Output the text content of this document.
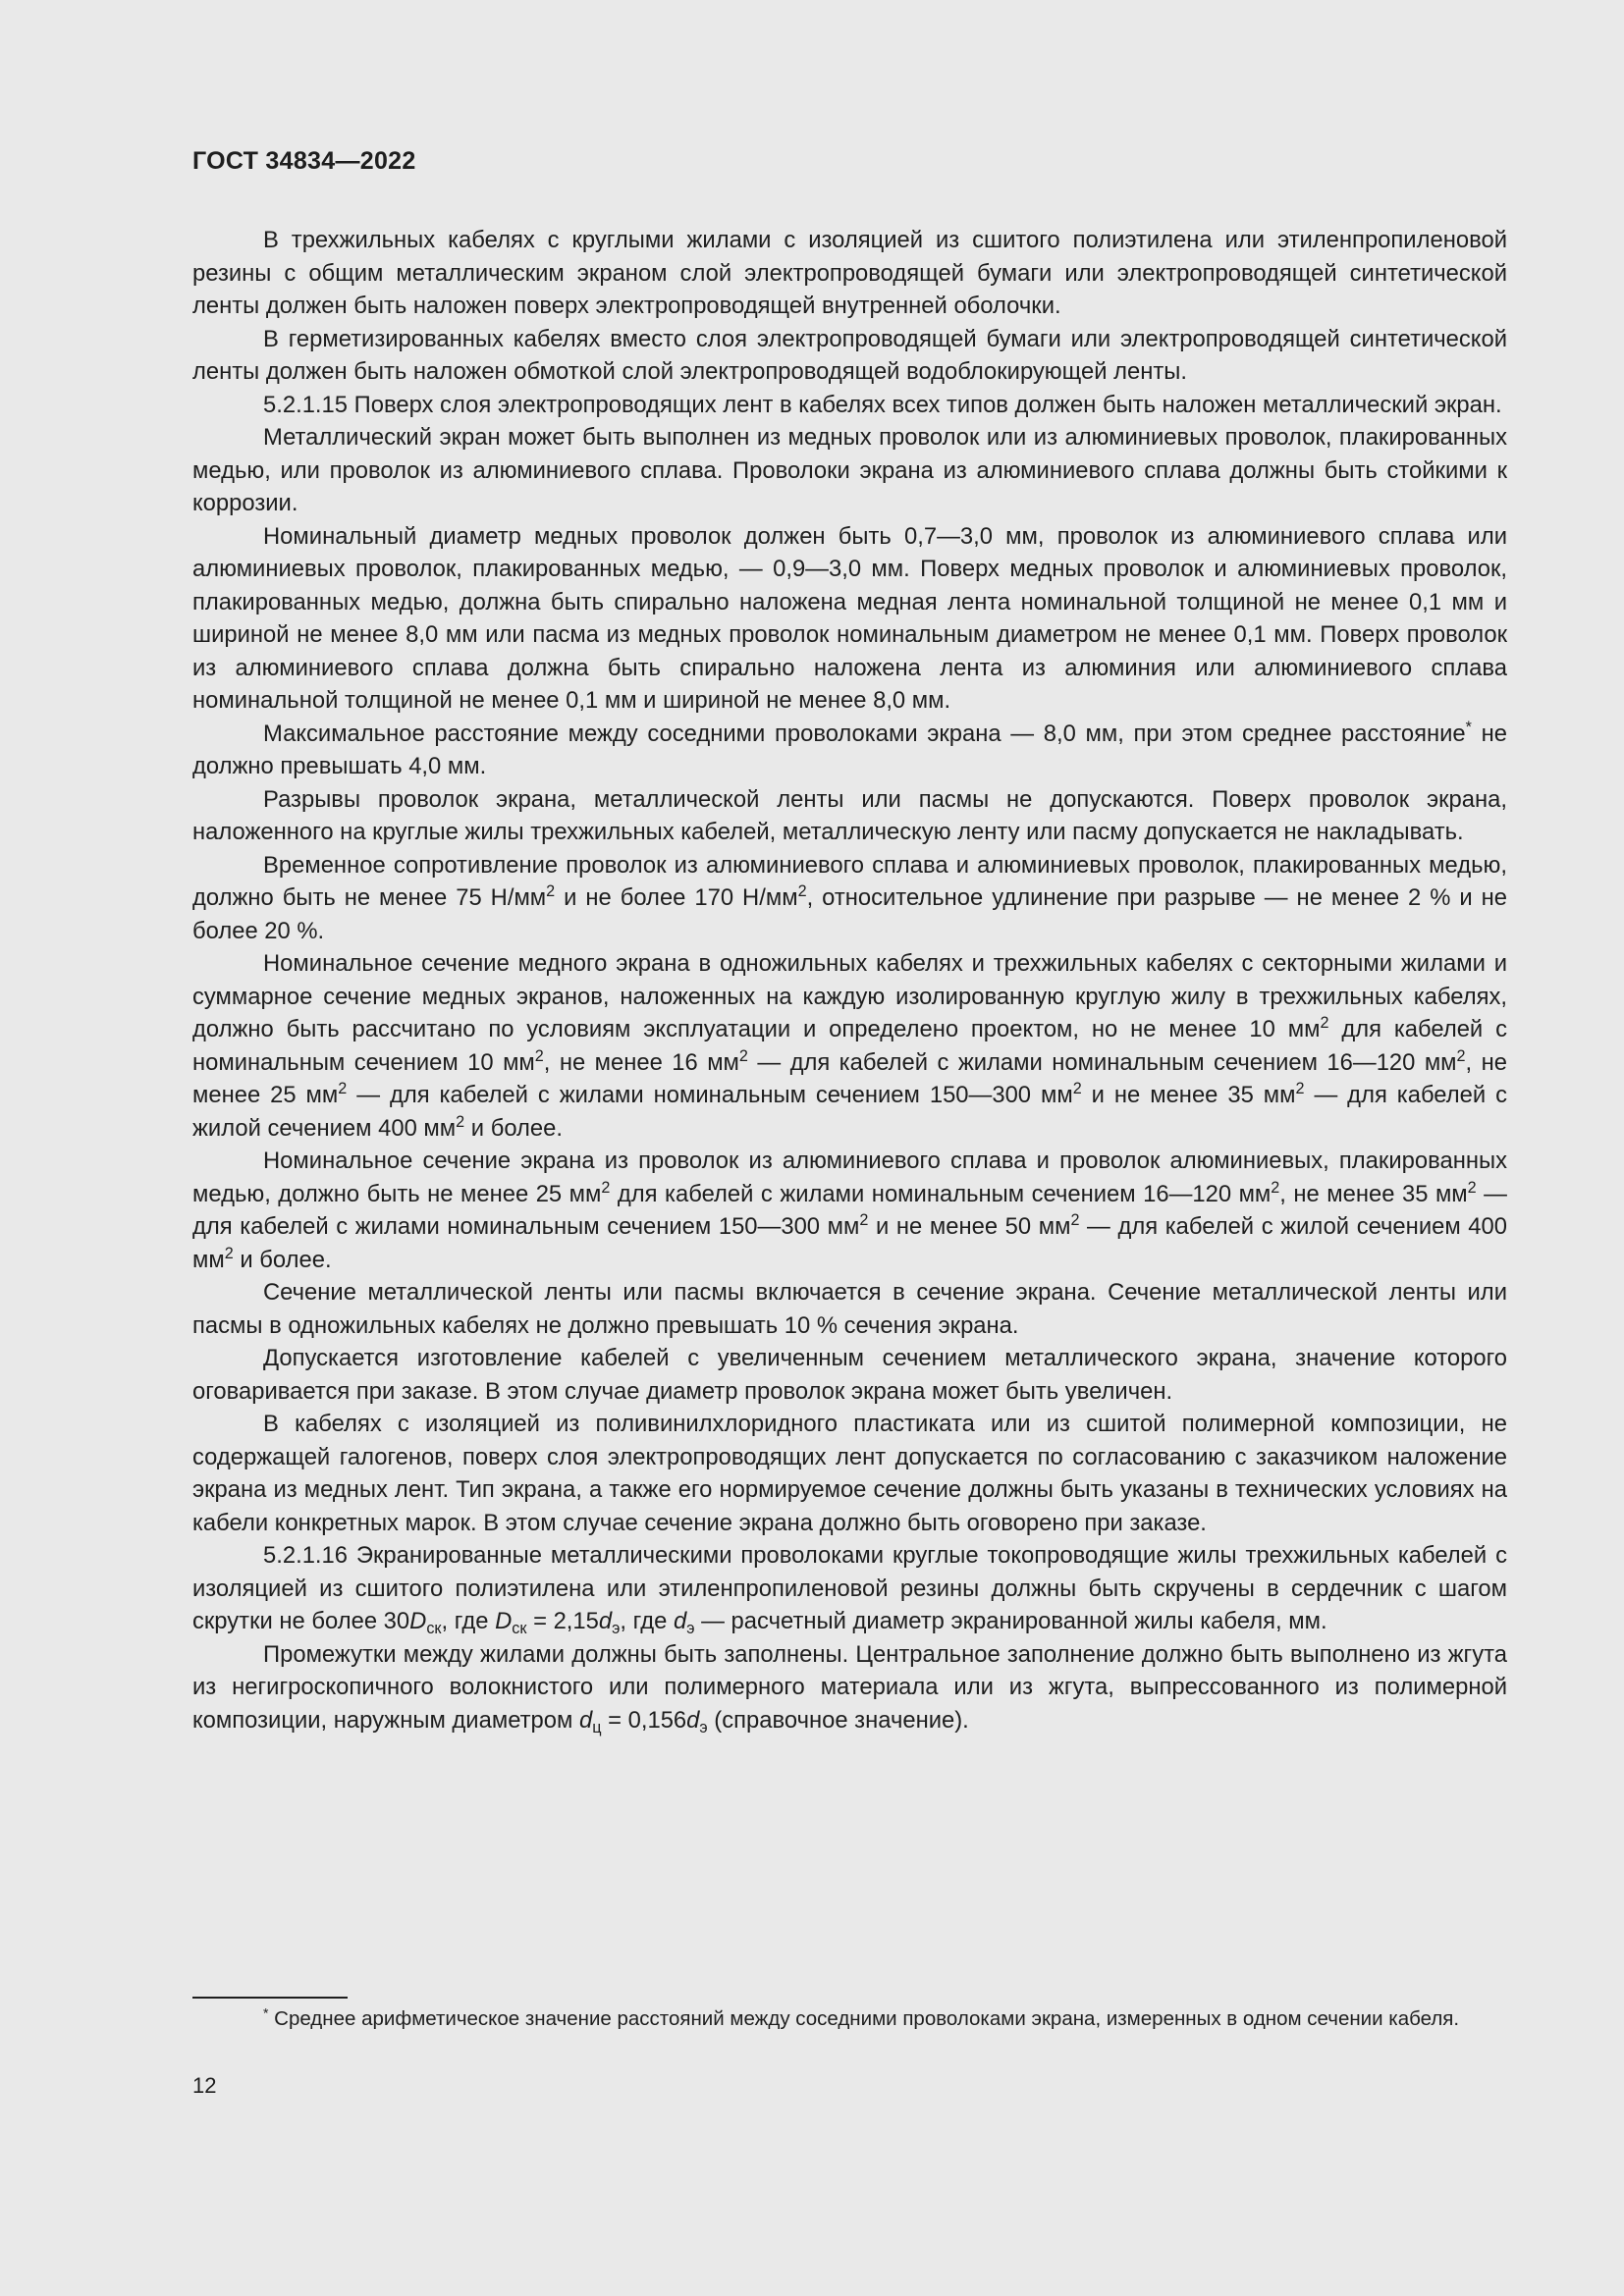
ГОСТ 34834—2022

В трехжильных кабелях с круглыми жилами с изоляцией из сшитого полиэтилена или этиленпропиленовой резины с общим металлическим экраном слой электропроводящей бумаги или электропроводящей синтетической ленты должен быть наложен поверх электропроводящей внутренней оболочки.

В герметизированных кабелях вместо слоя электропроводящей бумаги или электропроводящей синтетической ленты должен быть наложен обмоткой слой электропроводящей водоблокирующей ленты.

5.2.1.15 Поверх слоя электропроводящих лент в кабелях всех типов должен быть наложен металлический экран.

Металлический экран может быть выполнен из медных проволок или из алюминиевых проволок, плакированных медью, или проволок из алюминиевого сплава. Проволоки экрана из алюминиевого сплава должны быть стойкими к коррозии.

Номинальный диаметр медных проволок должен быть 0,7—3,0 мм, проволок из алюминиевого сплава или алюминиевых проволок, плакированных медью, — 0,9—3,0 мм. Поверх медных проволок и алюминиевых проволок, плакированных медью, должна быть спирально наложена медная лента номинальной толщиной не менее 0,1 мм и шириной не менее 8,0 мм или пасма из медных проволок номинальным диаметром не менее 0,1 мм. Поверх проволок из алюминиевого сплава должна быть спирально наложена лента из алюминия или алюминиевого сплава номинальной толщиной не менее 0,1 мм и шириной не менее 8,0 мм.

Максимальное расстояние между соседними проволоками экрана — 8,0 мм, при этом среднее расстояние* не должно превышать 4,0 мм.

Разрывы проволок экрана, металлической ленты или пасмы не допускаются. Поверх проволок экрана, наложенного на круглые жилы трехжильных кабелей, металлическую ленту или пасму допускается не накладывать.

Временное сопротивление проволок из алюминиевого сплава и алюминиевых проволок, плакированных медью, должно быть не менее 75 $Н/мм^2$ и не более 170 $Н/мм^2$, относительное удлинение при разрыве — не менее 2 % и не более 20 %.

Номинальное сечение медного экрана в одножильных кабелях и трехжильных кабелях с секторными жилами и суммарное сечение медных экранов, наложенных на каждую изолированную круглую жилу в трехжильных кабелях, должно быть рассчитано по условиям эксплуатации и определено проектом, но не менее 10 $мм^2$ для кабелей с номинальным сечением 10 $мм^2$, не менее 16 $мм^2$ — для кабелей с жилами номинальным сечением 16—120 $мм^2$, не менее 25 $мм^2$ — для кабелей с жилами номинальным сечением 150—300 $мм^2$ и не менее 35 $мм^2$ — для кабелей с жилой сечением 400 $мм^2$ и более.

Номинальное сечение экрана из проволок из алюминиевого сплава и проволок алюминиевых, плакированных медью, должно быть не менее 25 $мм^2$ для кабелей с жилами номинальным сечением 16—120 $мм^2$, не менее 35 $мм^2$ — для кабелей с жилами номинальным сечением 150—300 $мм^2$ и не менее 50 $мм^2$ — для кабелей с жилой сечением 400 $мм^2$ и более.

Сечение металлической ленты или пасмы включается в сечение экрана. Сечение металлической ленты или пасмы в одножильных кабелях не должно превышать 10 % сечения экрана.

Допускается изготовление кабелей с увеличенным сечением металлического экрана, значение которого оговаривается при заказе. В этом случае диаметр проволок экрана может быть увеличен.

В кабелях с изоляцией из поливинилхлоридного пластиката или из сшитой полимерной композиции, не содержащей галогенов, поверх слоя электропроводящих лент допускается по согласованию с заказчиком наложение экрана из медных лент. Тип экрана, а также его нормируемое сечение должны быть указаны в технических условиях на кабели конкретных марок. В этом случае сечение экрана должно быть оговорено при заказе.

5.2.1.16 Экранированные металлическими проволоками круглые токопроводящие жилы трехжильных кабелей с изоляцией из сшитого полиэтилена или этиленпропиленовой резины должны быть скручены в сердечник с шагом скрутки не более $30D_{ск}$, где $D_{ск} = 2,15d_э$, где $d_э$ — расчетный диаметр экранированной жилы кабеля, мм.

Промежутки между жилами должны быть заполнены. Центральное заполнение должно быть выполнено из жгута из негигроскопичного волокнистого или полимерного материала или из жгута, выпрессованного из полимерной композиции, наружным диаметром $d_ц = 0,156d_э$ (справочное значение).

* Среднее арифметическое значение расстояний между соседними проволоками экрана, измеренных в одном сечении кабеля.

12
